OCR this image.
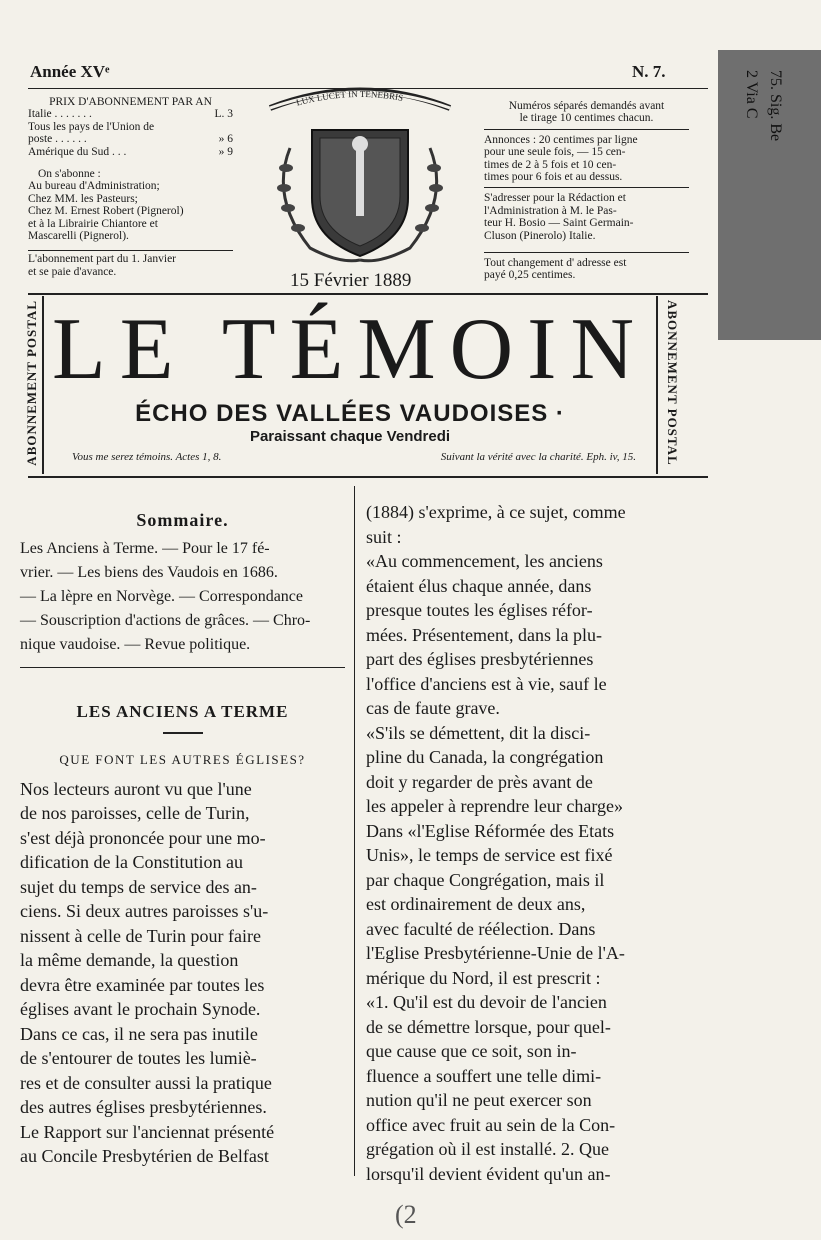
Année XVᵉ	N. 7.
PRIX D'ABONNEMENT PAR AN
Italie . . . . . . .	L. 3
Tous les pays de l'Union de
poste . . . . . .	» 6
Amérique du Sud . . .	» 9
On s'abonne :
Au bureau d'Administration;
Chez MM. les Pasteurs;
Chez M. Ernest Robert (Pignerol)
et à la Librairie Chiantore et
Mascarelli (Pignerol).
L'abonnement part du 1. Janvier
et se paie d'avance.
LUX LUCET IN TENEBRIS
15 Février 1889
Numéros séparés demandés avant
le tirage 10 centimes chacun.
Annonces : 20 centimes par ligne
pour une seule fois, — 15 cen-
times de 2 à 5 fois et 10 cen-
times pour 6 fois et au dessus.
S'adresser pour la Rédaction et
l'Administration à M. le Pas-
teur H. Bosio — Saint Germain-
Cluson (Pinerolo) Italie.
Tout changement d' adresse est
payé 0,25 centimes.
ABONNEMENT POSTAL	ABONNEMENT POSTAL
LE TÉMOIN
ÉCHO DES VALLÉES VAUDOISES ·
Paraissant chaque Vendredi
Vous me serez témoins. Actes 1, 8.	Suivant la vérité avec la charité. Eph. iv, 15.
Sommaire.
Les Anciens à Terme. — Pour le 17 fé-
vrier. — Les biens des Vaudois en 1686.
— La lèpre en Norvège. — Correspondance
— Souscription d'actions de grâces. — Chro-
nique vaudoise. — Revue politique.
LES ANCIENS A TERME
QUE FONT LES AUTRES ÉGLISES?
Nos lecteurs auront vu que l'une
de nos paroisses, celle de Turin,
s'est déjà prononcée pour une mo-
dification de la Constitution au
sujet du temps de service des an-
ciens. Si deux autres paroisses s'u-
nissent à celle de Turin pour faire
la même demande, la question
devra être examinée par toutes les
églises avant le prochain Synode.
Dans ce cas, il ne sera pas inutile
de s'entourer de toutes les lumiè-
res et de consulter aussi la pratique
des autres églises presbytériennes.
Le Rapport sur l'anciennat présenté
au Concile Presbytérien de Belfast
(1884) s'exprime, à ce sujet, comme
suit :
«Au commencement, les anciens
étaient élus chaque année, dans
presque toutes les églises réfor-
mées. Présentement, dans la plu-
part des églises presbytériennes
l'office d'anciens est à vie, sauf le
cas de faute grave.
«S'ils se démettent, dit la disci-
pline du Canada, la congrégation
doit y regarder de près avant de
les appeler à reprendre leur charge»
Dans «l'Eglise Réformée des Etats
Unis», le temps de service est fixé
par chaque Congrégation, mais il
est ordinairement de deux ans,
avec faculté de réélection. Dans
l'Eglise Presbytérienne-Unie de l'A-
mérique du Nord, il est prescrit :
«1. Qu'il est du devoir de l'ancien
de se démettre lorsque, pour quel-
que cause que ce soit, son in-
fluence a souffert une telle dimi-
nution qu'il ne peut exercer son
office avec fruit au sein de la Con-
grégation où il est installé. 2. Que
lorsqu'il devient évident qu'un an-
75. Sig. Be
2 Via C
(2
